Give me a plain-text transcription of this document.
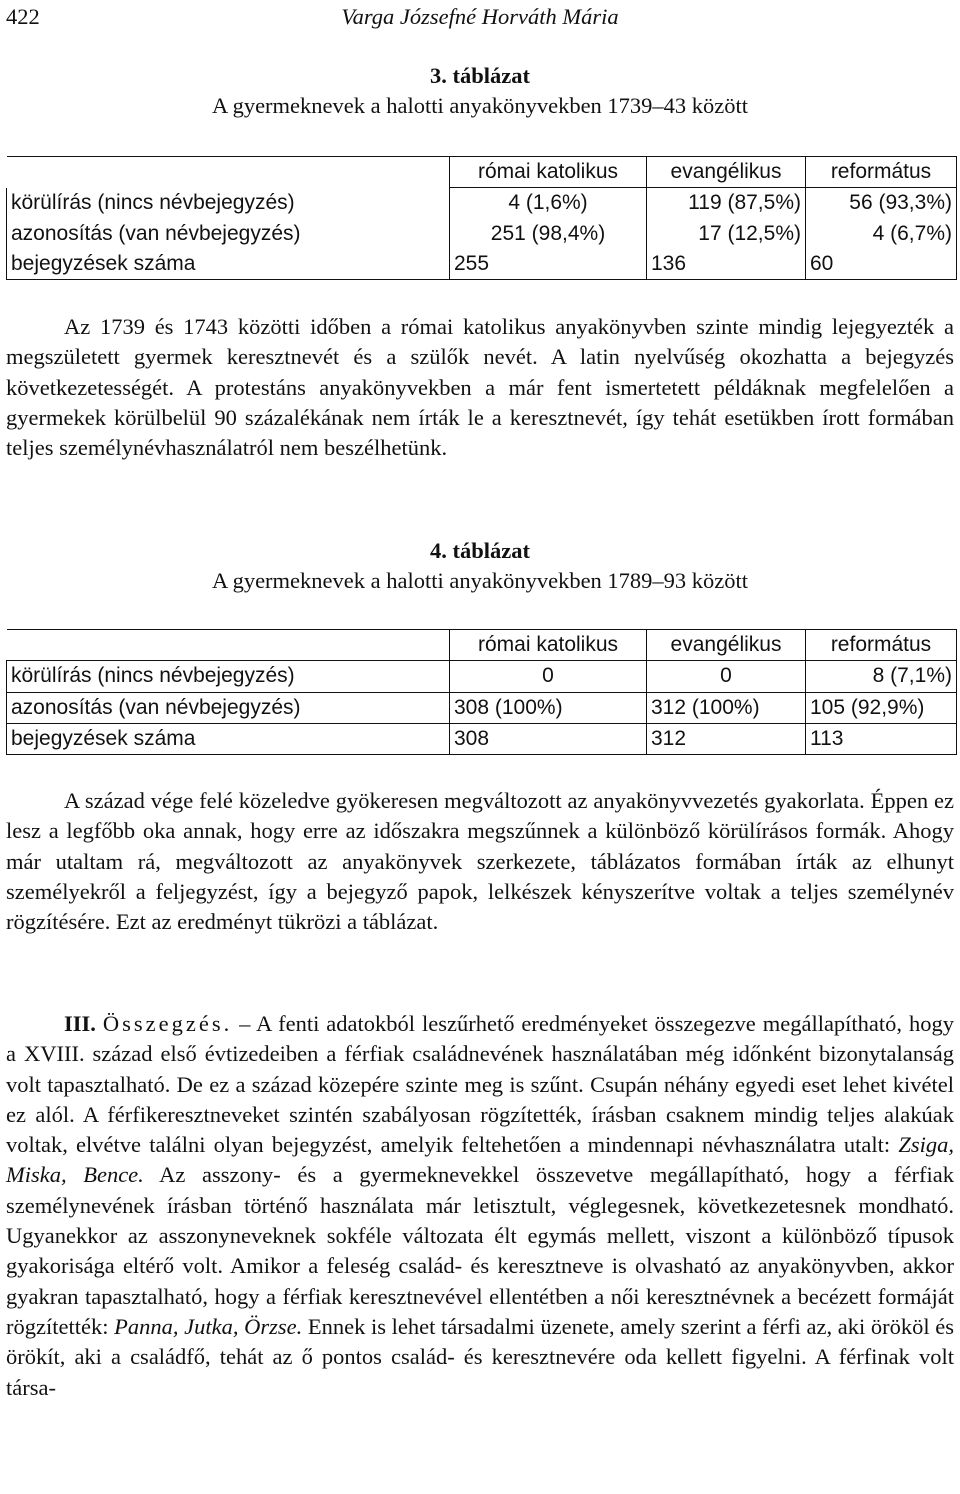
422	Varga Józsefné Horváth Mária
3. táblázat
A gyermeknevek a halotti anyakönyvekben 1739–43 között
	római katolikus	evangélikus	református
körülírás (nincs névbejegyzés)	4 (1,6%)	119 (87,5%)	56 (93,3%)
azonosítás (van névbejegyzés)	251 (98,4%)	17 (12,5%)	4 (6,7%)
bejegyzések száma	255	136	60

Az 1739 és 1743 közötti időben a római katolikus anyakönyvben szinte mindig lejegyezték a megszületett gyermek keresztnevét és a szülők nevét. A latin nyelvűség okozhatta a bejegyzés következetességét. A protestáns anyakönyvekben a már fent ismertetett példáknak megfelelően a gyermekek körülbelül 90 százalékának nem írták le a keresztnevét, így tehát esetükben írott formában teljes személynévhasználatról nem beszélhetünk.

4. táblázat
A gyermeknevek a halotti anyakönyvekben 1789–93 között
	római katolikus	evangélikus	református
körülírás (nincs névbejegyzés)	0	0	8 (7,1%)
azonosítás (van névbejegyzés)	308 (100%)	312 (100%)	105 (92,9%)
bejegyzések száma	308	312	113

A század vége felé közeledve gyökeresen megváltozott az anyakönyvvezetés gyakorlata. Éppen ez lesz a legfőbb oka annak, hogy erre az időszakra megszűnnek a különböző körülírásos formák. Ahogy már utaltam rá, megváltozott az anyakönyvek szerkezete, táblázatos formában írták az elhunyt személyekről a feljegyzést, így a bejegyző papok, lelkészek kényszerítve voltak a teljes személynév rögzítésére. Ezt az eredményt tükrözi a táblázat.

III. Összegzés. – A fenti adatokból leszűrhető eredményeket összegezve megállapítható, hogy a XVIII. század első évtizedeiben a férfiak családnevének használatában még időnként bizonytalanság volt tapasztalható. De ez a század közepére szinte meg is szűnt. Csupán néhány egyedi eset lehet kivétel ez alól. A férfikeresztneveket szintén szabályosan rögzítették, írásban csaknem mindig teljes alakúak voltak, elvétve találni olyan bejegyzést, amelyik feltehetően a mindennapi névhasználatra utalt: Zsiga, Miska, Bence. Az asszony- és a gyermeknevekkel összevetve megállapítható, hogy a férfiak személynevének írásban történő használata már letisztult, véglegesnek, következetesnek mondható. Ugyanekkor az asszonyneveknek sokféle változata élt egymás mellett, viszont a különböző típusok gyakorisága eltérő volt. Amikor a feleség család- és keresztneve is olvasható az anyakönyvben, akkor gyakran tapasztalható, hogy a férfiak keresztnevével ellentétben a női keresztnévnek a becézett formáját rögzítették: Panna, Jutka, Örzse. Ennek is lehet társadalmi üzenete, amely szerint a férfi az, aki örököl és örökít, aki a családfő, tehát az ő pontos család- és keresztnevére oda kellett figyelni. A férfinak volt társa-
